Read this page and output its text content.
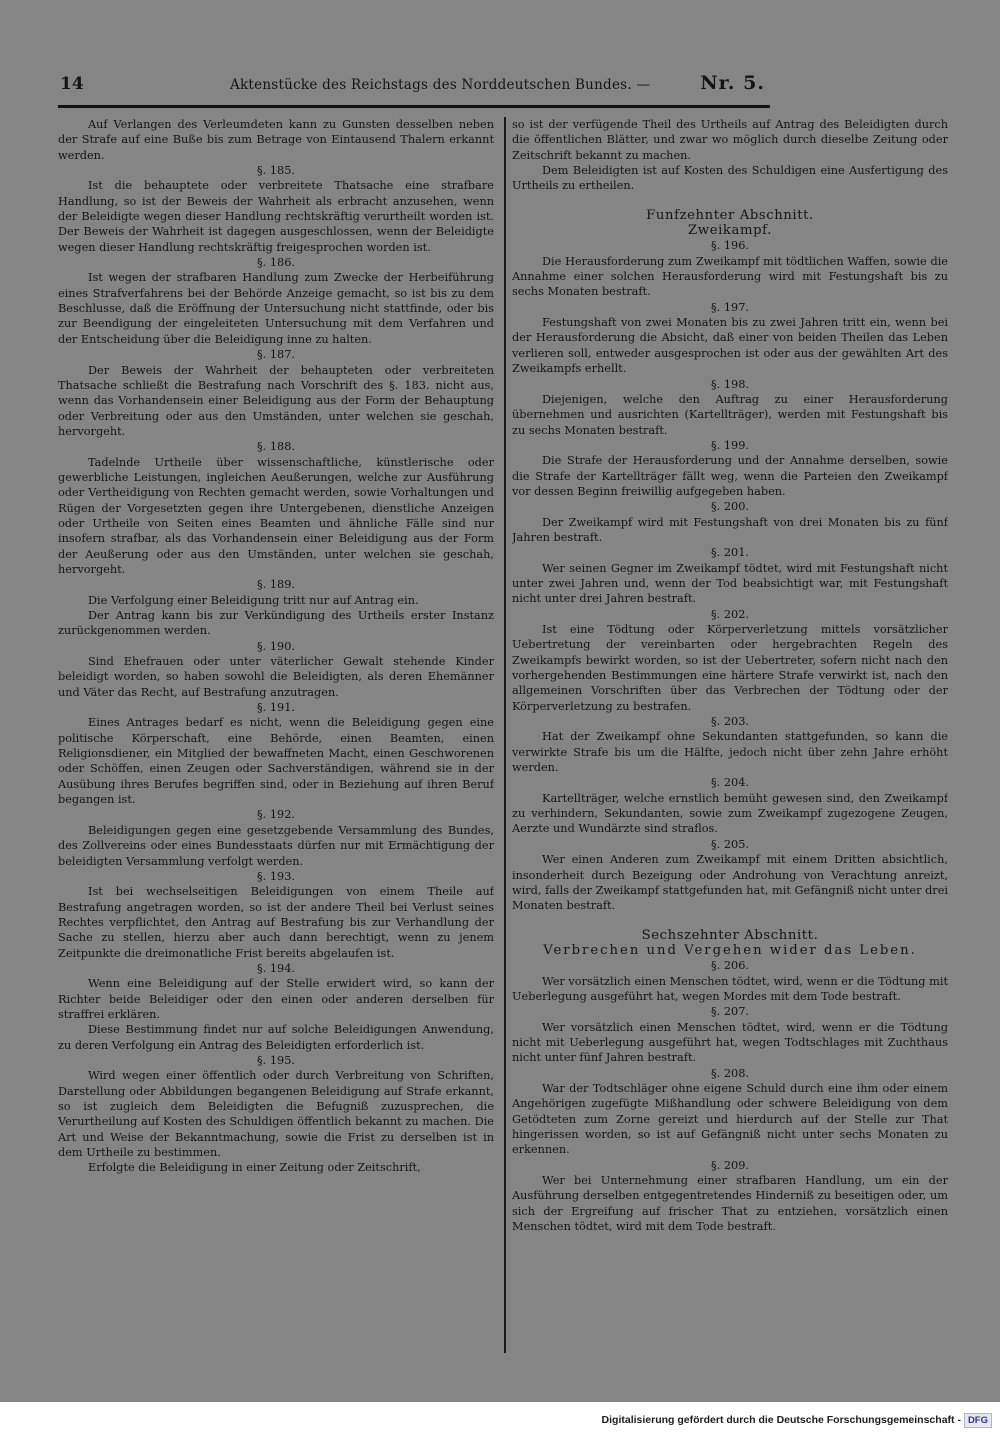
14	Aktenstücke des Reichstags des Norddeutschen Bundes. —	Nr. 5.

Auf Verlangen des Verleumdeten kann zu Gunsten desselben neben der Strafe auf eine Buße bis zum Betrage von Eintausend Thalern erkannt werden.

§. 185.

Ist die behauptete oder verbreitete Thatsache eine strafbare Handlung, so ist der Beweis der Wahrheit als erbracht anzusehen, wenn der Beleidigte wegen dieser Handlung rechtskräftig verurtheilt worden ist. Der Beweis der Wahrheit ist dagegen ausgeschlossen, wenn der Beleidigte wegen dieser Handlung rechtskräftig freigesprochen worden ist.

§. 186.

Ist wegen der strafbaren Handlung zum Zwecke der Herbeiführung eines Strafverfahrens bei der Behörde Anzeige gemacht, so ist bis zu dem Beschlusse, daß die Eröffnung der Untersuchung nicht stattfinde, oder bis zur Beendigung der eingeleiteten Untersuchung mit dem Verfahren und der Entscheidung über die Beleidigung inne zu halten.

§. 187.

Der Beweis der Wahrheit der behaupteten oder verbreiteten Thatsache schließt die Bestrafung nach Vorschrift des §. 183. nicht aus, wenn das Vorhandensein einer Beleidigung aus der Form der Behauptung oder Verbreitung oder aus den Umständen, unter welchen sie geschah, hervorgeht.

§. 188.

Tadelnde Urtheile über wissenschaftliche, künstlerische oder gewerbliche Leistungen, ingleichen Aeußerungen, welche zur Ausführung oder Vertheidigung von Rechten gemacht werden, sowie Vorhaltungen und Rügen der Vorgesetzten gegen ihre Untergebenen, dienstliche Anzeigen oder Urtheile von Seiten eines Beamten und ähnliche Fälle sind nur insofern strafbar, als das Vorhandensein einer Beleidigung aus der Form der Aeußerung oder aus den Umständen, unter welchen sie geschah, hervorgeht.

§. 189.

Die Verfolgung einer Beleidigung tritt nur auf Antrag ein.

Der Antrag kann bis zur Verkündigung des Urtheils erster Instanz zurückgenommen werden.

§. 190.

Sind Ehefrauen oder unter väterlicher Gewalt stehende Kinder beleidigt worden, so haben sowohl die Beleidigten, als deren Ehemänner und Väter das Recht, auf Bestrafung anzutragen.

§. 191.

Eines Antrages bedarf es nicht, wenn die Beleidigung gegen eine politische Körperschaft, eine Behörde, einen Beamten, einen Religionsdiener, ein Mitglied der bewaffneten Macht, einen Geschworenen oder Schöffen, einen Zeugen oder Sachverständigen, während sie in der Ausübung ihres Berufes begriffen sind, oder in Beziehung auf ihren Beruf begangen ist.

§. 192.

Beleidigungen gegen eine gesetzgebende Versammlung des Bundes, des Zollvereins oder eines Bundesstaats dürfen nur mit Ermächtigung der beleidigten Versammlung verfolgt werden.

§. 193.

Ist bei wechselseitigen Beleidigungen von einem Theile auf Bestrafung angetragen worden, so ist der andere Theil bei Verlust seines Rechtes verpflichtet, den Antrag auf Bestrafung bis zur Verhandlung der Sache zu stellen, hierzu aber auch dann berechtigt, wenn zu jenem Zeitpunkte die dreimonatliche Frist bereits abgelaufen ist.

§. 194.

Wenn eine Beleidigung auf der Stelle erwidert wird, so kann der Richter beide Beleidiger oder den einen oder anderen derselben für straffrei erklären.

Diese Bestimmung findet nur auf solche Beleidigungen Anwendung, zu deren Verfolgung ein Antrag des Beleidigten erforderlich ist.

§. 195.

Wird wegen einer öffentlich oder durch Verbreitung von Schriften, Darstellung oder Abbildungen begangenen Beleidigung auf Strafe erkannt, so ist zugleich dem Beleidigten die Befugniß zuzusprechen, die Verurtheilung auf Kosten des Schuldigen öffentlich bekannt zu machen. Die Art und Weise der Bekanntmachung, sowie die Frist zu derselben ist in dem Urtheile zu bestimmen.

Erfolgte die Beleidigung in einer Zeitung oder Zeitschrift,

so ist der verfügende Theil des Urtheils auf Antrag des Beleidigten durch die öffentlichen Blätter, und zwar wo möglich durch dieselbe Zeitung oder Zeitschrift bekannt zu machen.

Dem Beleidigten ist auf Kosten des Schuldigen eine Ausfertigung des Urtheils zu ertheilen.

Funfzehnter Abschnitt.
Zweikampf.
§. 196.

Die Herausforderung zum Zweikampf mit tödtlichen Waffen, sowie die Annahme einer solchen Herausforderung wird mit Festungshaft bis zu sechs Monaten bestraft.

§. 197.

Festungshaft von zwei Monaten bis zu zwei Jahren tritt ein, wenn bei der Herausforderung die Absicht, daß einer von beiden Theilen das Leben verlieren soll, entweder ausgesprochen ist oder aus der gewählten Art des Zweikampfs erhellt.

§. 198.

Diejenigen, welche den Auftrag zu einer Herausforderung übernehmen und ausrichten (Kartellträger), werden mit Festungshaft bis zu sechs Monaten bestraft.

§. 199.

Die Strafe der Herausforderung und der Annahme derselben, sowie die Strafe der Kartellträger fällt weg, wenn die Parteien den Zweikampf vor dessen Beginn freiwillig aufgegeben haben.

§. 200.

Der Zweikampf wird mit Festungshaft von drei Monaten bis zu fünf Jahren bestraft.

§. 201.

Wer seinen Gegner im Zweikampf tödtet, wird mit Festungshaft nicht unter zwei Jahren und, wenn der Tod beabsichtigt war, mit Festungshaft nicht unter drei Jahren bestraft.

§. 202.

Ist eine Tödtung oder Körperverletzung mittels vorsätzlicher Uebertretung der vereinbarten oder hergebrachten Regeln des Zweikampfs bewirkt worden, so ist der Uebertreter, sofern nicht nach den vorhergehenden Bestimmungen eine härtere Strafe verwirkt ist, nach den allgemeinen Vorschriften über das Verbrechen der Tödtung oder der Körperverletzung zu bestrafen.

§. 203.

Hat der Zweikampf ohne Sekundanten stattgefunden, so kann die verwirkte Strafe bis um die Hälfte, jedoch nicht über zehn Jahre erhöht werden.

§. 204.

Kartellträger, welche ernstlich bemüht gewesen sind, den Zweikampf zu verhindern, Sekundanten, sowie zum Zweikampf zugezogene Zeugen, Aerzte und Wundärzte sind straflos.

§. 205.

Wer einen Anderen zum Zweikampf mit einem Dritten absichtlich, insonderheit durch Bezeigung oder Androhung von Verachtung anreizt, wird, falls der Zweikampf stattgefunden hat, mit Gefängniß nicht unter drei Monaten bestraft.

Sechszehnter Abschnitt.
Verbrechen und Vergehen wider das Leben.
§. 206.

Wer vorsätzlich einen Menschen tödtet, wird, wenn er die Tödtung mit Ueberlegung ausgeführt hat, wegen Mordes mit dem Tode bestraft.

§. 207.

Wer vorsätzlich einen Menschen tödtet, wird, wenn er die Tödtung nicht mit Ueberlegung ausgeführt hat, wegen Todtschlages mit Zuchthaus nicht unter fünf Jahren bestraft.

§. 208.

War der Todtschläger ohne eigene Schuld durch eine ihm oder einem Angehörigen zugefügte Mißhandlung oder schwere Beleidigung von dem Getödteten zum Zorne gereizt und hierdurch auf der Stelle zur That hingerissen worden, so ist auf Gefängniß nicht unter sechs Monaten zu erkennen.

§. 209.

Wer bei Unternehmung einer strafbaren Handlung, um ein der Ausführung derselben entgegentretendes Hinderniß zu beseitigen oder, um sich der Ergreifung auf frischer That zu entziehen, vorsätzlich einen Menschen tödtet, wird mit dem Tode bestraft.

Digitalisierung gefördert durch die Deutsche Forschungsgemeinschaft - DFG
